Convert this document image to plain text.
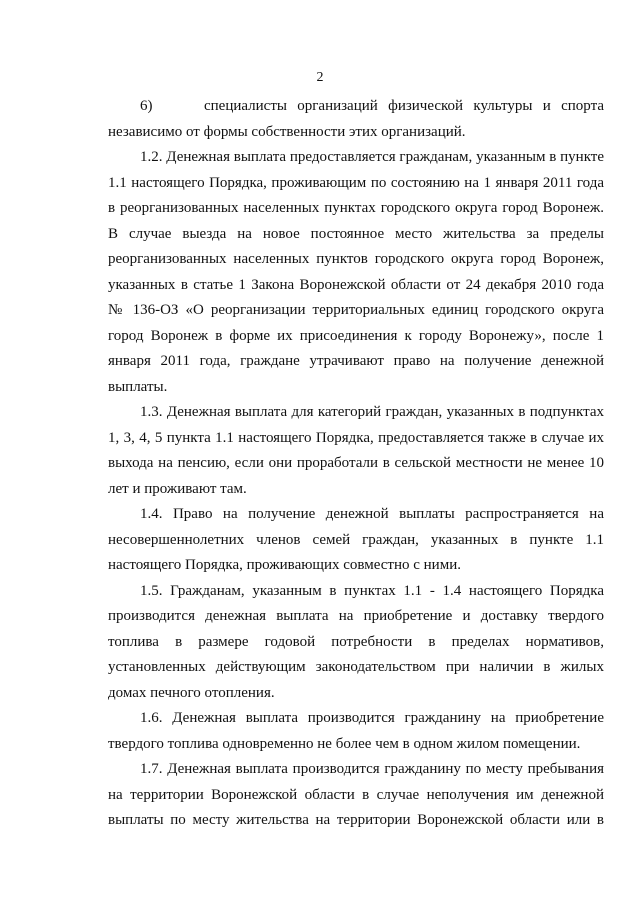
2

6)     специалисты организаций физической культуры и спорта независимо от формы собственности этих организаций.

1.2. Денежная выплата предоставляется гражданам, указанным в пункте 1.1 настоящего Порядка, проживающим по состоянию на 1 января 2011 года в реорганизованных населенных пунктах городского округа город Воронеж. В случае выезда на новое постоянное место жительства за пределы реорганизованных населенных пунктов городского округа город Воронеж, указанных в статье 1 Закона Воронежской области от 24 декабря 2010 года № 136-ОЗ «О реорганизации территориальных единиц городского округа город Воронеж в форме их присоединения к городу Воронежу», после 1 января 2011 года, граждане утрачивают право на получение денежной выплаты.

1.3. Денежная выплата для категорий граждан, указанных в подпунктах 1, 3, 4, 5 пункта 1.1 настоящего Порядка, предоставляется также в случае их выхода на пенсию, если они проработали в сельской местности не менее 10 лет и проживают там.

1.4. Право на получение денежной выплаты распространяется на несовершеннолетних членов семей граждан, указанных в пункте 1.1 настоящего Порядка, проживающих совместно с ними.

1.5. Гражданам, указанным в пунктах 1.1 - 1.4 настоящего Порядка производится денежная выплата на приобретение и доставку твердого топлива в размере годовой потребности в пределах нормативов, установленных действующим законодательством при наличии в жилых домах печного отопления.

1.6. Денежная выплата производится гражданину на приобретение твердого топлива одновременно не более чем в одном жилом помещении.

1.7. Денежная выплата производится гражданину по месту пребывания на территории Воронежской области в случае неполучения им денежной выплаты по месту жительства на территории Воронежской области или в
